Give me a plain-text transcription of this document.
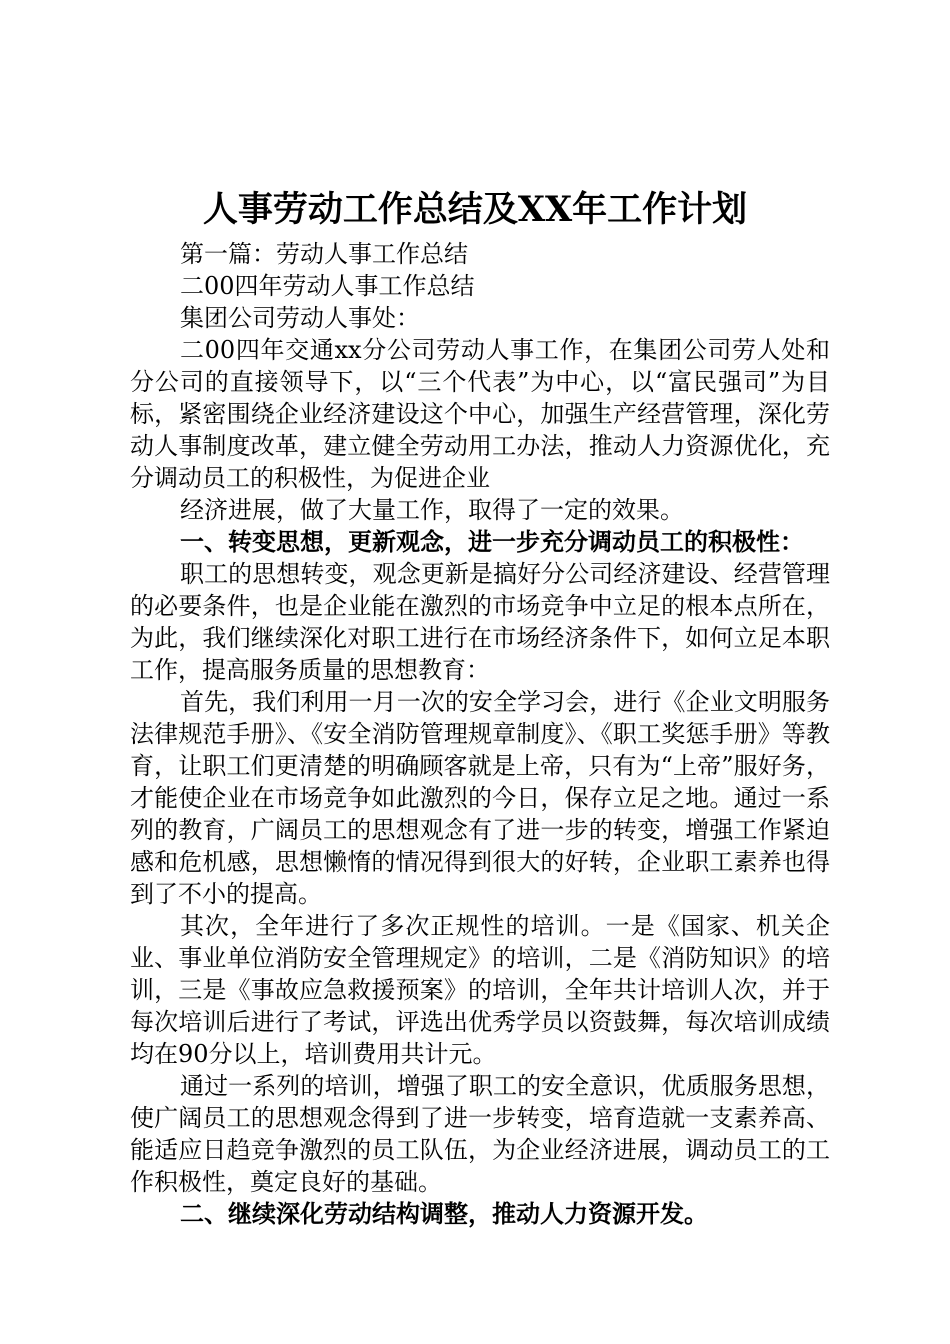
人事劳动工作总结及XX年工作计划

第一篇：劳动人事工作总结

二00四年劳动人事工作总结

集团公司劳动人事处：

二00四年交通xx分公司劳动人事工作，在集团公司劳人处和分公司的直接领导下，以“三个代表”为中心，以“富民强司”为目标，紧密围绕企业经济建设这个中心，加强生产经营管理，深化劳动人事制度改革，建立健全劳动用工办法，推动人力资源优化，充分调动员工的积极性，为促进企业

经济进展，做了大量工作，取得了一定的效果。

一、转变思想，更新观念，进一步充分调动员工的积极性：

职工的思想转变，观念更新是搞好分公司经济建设、经营管理的必要条件，也是企业能在激烈的市场竞争中立足的根本点所在，为此，我们继续深化对职工进行在市场经济条件下，如何立足本职工作，提高服务质量的思想教育：

首先，我们利用一月一次的安全学习会，进行《企业文明服务法律规范手册》、《安全消防管理规章制度》、《职工奖惩手册》等教育，让职工们更清楚的明确顾客就是上帝，只有为“上帝”服好务，才能使企业在市场竞争如此激烈的今日，保存立足之地。通过一系列的教育，广阔员工的思想观念有了进一步的转变，增强工作紧迫感和危机感，思想懒惰的情况得到很大的好转，企业职工素养也得到了不小的提高。

其次，全年进行了多次正规性的培训。一是《国家、机关企业、事业单位消防安全管理规定》的培训，二是《消防知识》的培训，三是《事故应急救援预案》的培训，全年共计培训人次，并于每次培训后进行了考试，评选出优秀学员以资鼓舞，每次培训成绩均在90分以上，培训费用共计元。

通过一系列的培训，增强了职工的安全意识，优质服务思想，使广阔员工的思想观念得到了进一步转变，培育造就一支素养高、能适应日趋竞争激烈的员工队伍，为企业经济进展，调动员工的工作积极性，奠定良好的基础。

二、继续深化劳动结构调整，推动人力资源开发。
